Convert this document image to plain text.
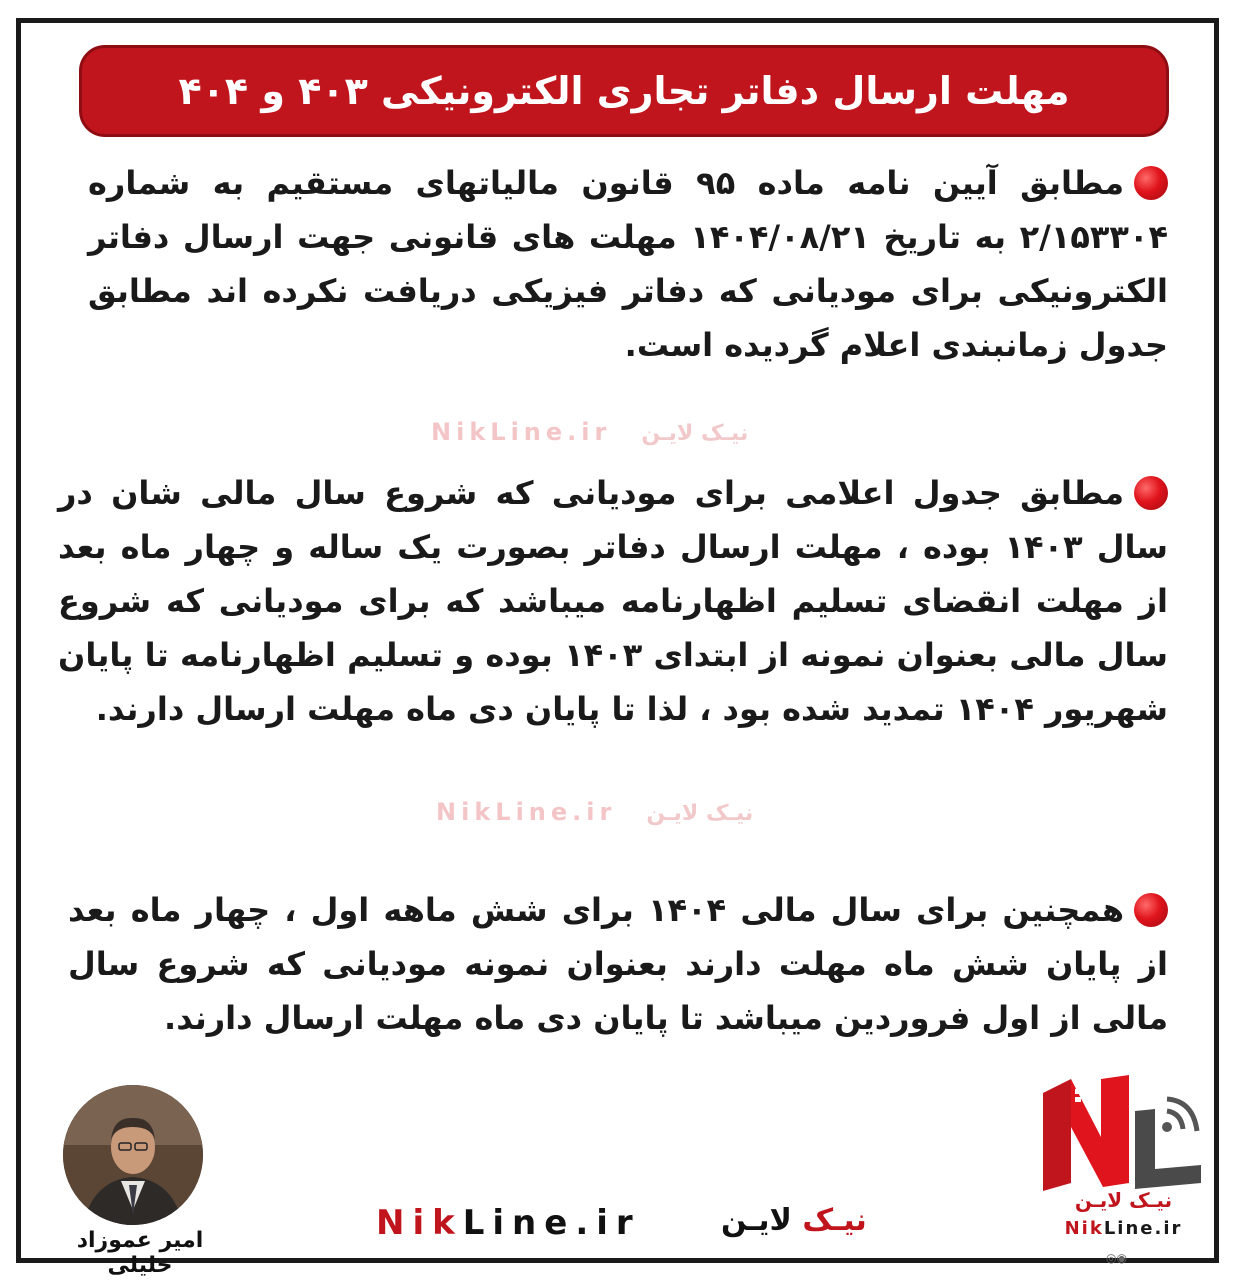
مهلت ارسال دفاتر تجاری الکترونیکی ۴۰۳ و ۴۰۴
مطابق آیین نامه ماده ۹۵ قانون مالیاتهای مستقیم به شماره ۲/۱۵۳۳۰۴ به تاریخ ۱۴۰۴/۰۸/۲۱ مهلت های قانونی جهت ارسال دفاتر الکترونیکی برای مودیانی که دفاتر فیزیکی دریافت نکرده اند مطابق جدول زمانبندی اعلام گردیده است.
NikLine.ir نیـک لایـن
مطابق جدول اعلامی برای مودیانی که شروع سال مالی شان در سال ۱۴۰۳ بوده ، مهلت ارسال دفاتر بصورت یک ساله و چهار ماه بعد از مهلت انقضای تسلیم اظهارنامه میباشد که برای مودیانی که شروع سال مالی بعنوان نمونه از ابتدای ۱۴۰۳ بوده و تسلیم اظهارنامه تا پایان شهریور ۱۴۰۴ تمدید شده بود ، لذا تا پایان دی ماه مهلت ارسال دارند.
NikLine.ir نیـک لایـن
همچنین برای سال مالی ۱۴۰۴ برای شش ماهه اول ، چهار ماه بعد از پایان شش ماه مهلت دارند بعنوان نمونه مودیانی که شروع سال مالی از اول فروردین میباشد تا پایان دی ماه مهلت ارسال دارند.
امیر عموزاد خلیلی
NikLine.ir	نیـک لایـن
نیـک لایـن
NikLine.ir
◎◉
